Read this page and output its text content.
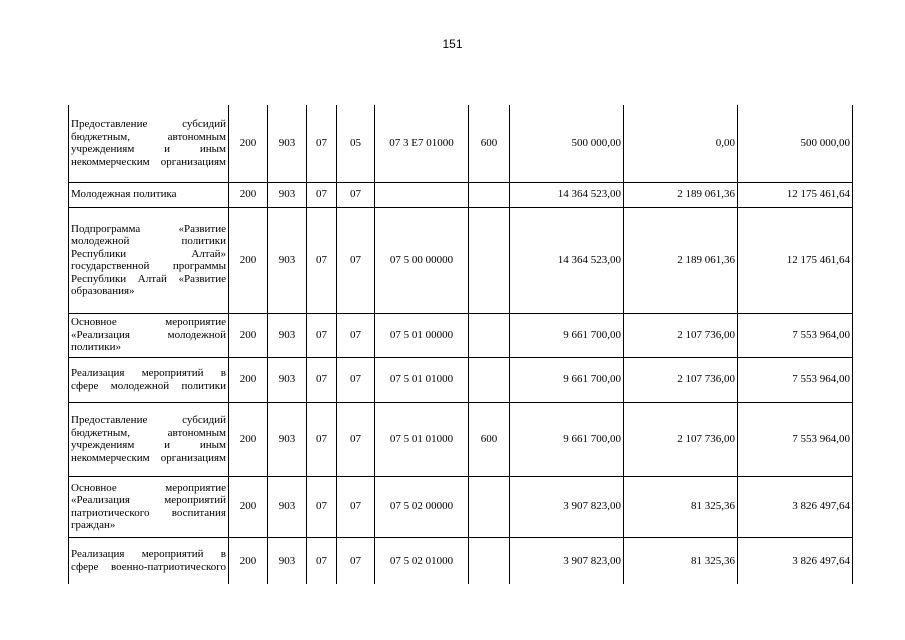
151
Предоставление субсидий бюджетным, автономным учреждениям и иным некоммерческим организациям	200	903	07	05	07 3 E7 01000	600	500 000,00	0,00	500 000,00
Молодежная политика	200	903	07	07			14 364 523,00	2 189 061,36	12 175 461,64
Подпрограмма «Развитие молодежной политики Республики Алтай» государственной программы Республики Алтай «Развитие образования»	200	903	07	07	07 5 00 00000		14 364 523,00	2 189 061,36	12 175 461,64
Основное мероприятие «Реализация молодежной политики»	200	903	07	07	07 5 01 00000		9 661 700,00	2 107 736,00	7 553 964,00
Реализация мероприятий в сфере молодежной политики	200	903	07	07	07 5 01 01000		9 661 700,00	2 107 736,00	7 553 964,00
Предоставление субсидий бюджетным, автономным учреждениям и иным некоммерческим организациям	200	903	07	07	07 5 01 01000	600	9 661 700,00	2 107 736,00	7 553 964,00
Основное мероприятие «Реализация мероприятий патриотического воспитания граждан»	200	903	07	07	07 5 02 00000		3 907 823,00	81 325,36	3 826 497,64
Реализация мероприятий в сфере военно-патриотического	200	903	07	07	07 5 02 01000		3 907 823,00	81 325,36	3 826 497,64
